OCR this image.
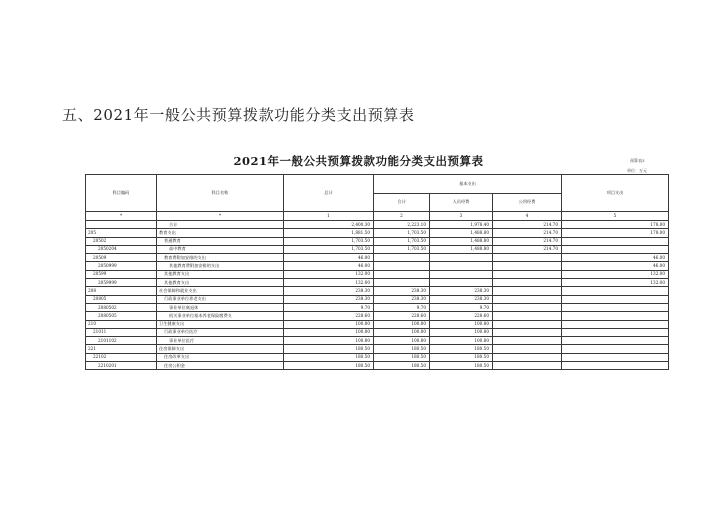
五、2021年一般公共预算拨款功能分类支出预算表
2021年一般公共预算拨款功能分类支出预算表	预算表3
单位：万元
科目编码	科目名称	总计	基本支出			项目支出
			合计	人员经费	公用经费	
*	*	1	2	3	4	5
	合计	2,400.30	2,223.10	1,978.40	214.70	178.00
205	教育支出	1,881.50	1,703.50	1,488.80	214.70	178.00
20502	普通教育	1,703.50	1,703.50	1,488.80	214.70	
2050204	高中教育	1,703.50	1,703.50	1,488.80	214.70	
20509	教育费附加安排的支出	46.00				46.00
2050999	其他教育费附加安排的支出	46.00				46.00
20599	其他教育支出	132.00				132.00
2059999	其他教育支出	132.00				132.00
208	社会保障和就业支出	238.30	238.30	238.30		
20805	行政事业单位养老支出	238.30	238.30	238.30		
2080502	事业单位离退休	9.70	9.70	9.70		
2080505	机关事业单位基本养老保险缴费支	228.60	228.60	228.60		
210	卫生健康支出	100.80	100.80	100.80		
21011	行政事业单位医疗	100.80	100.80	100.80		
2101102	事业单位医疗	100.80	100.80	100.80		
221	住房保障支出	180.50	180.50	180.50		
22102	住房改革支出	180.50	180.50	180.50		
2210201	住房公积金	180.50	180.50	180.50		
